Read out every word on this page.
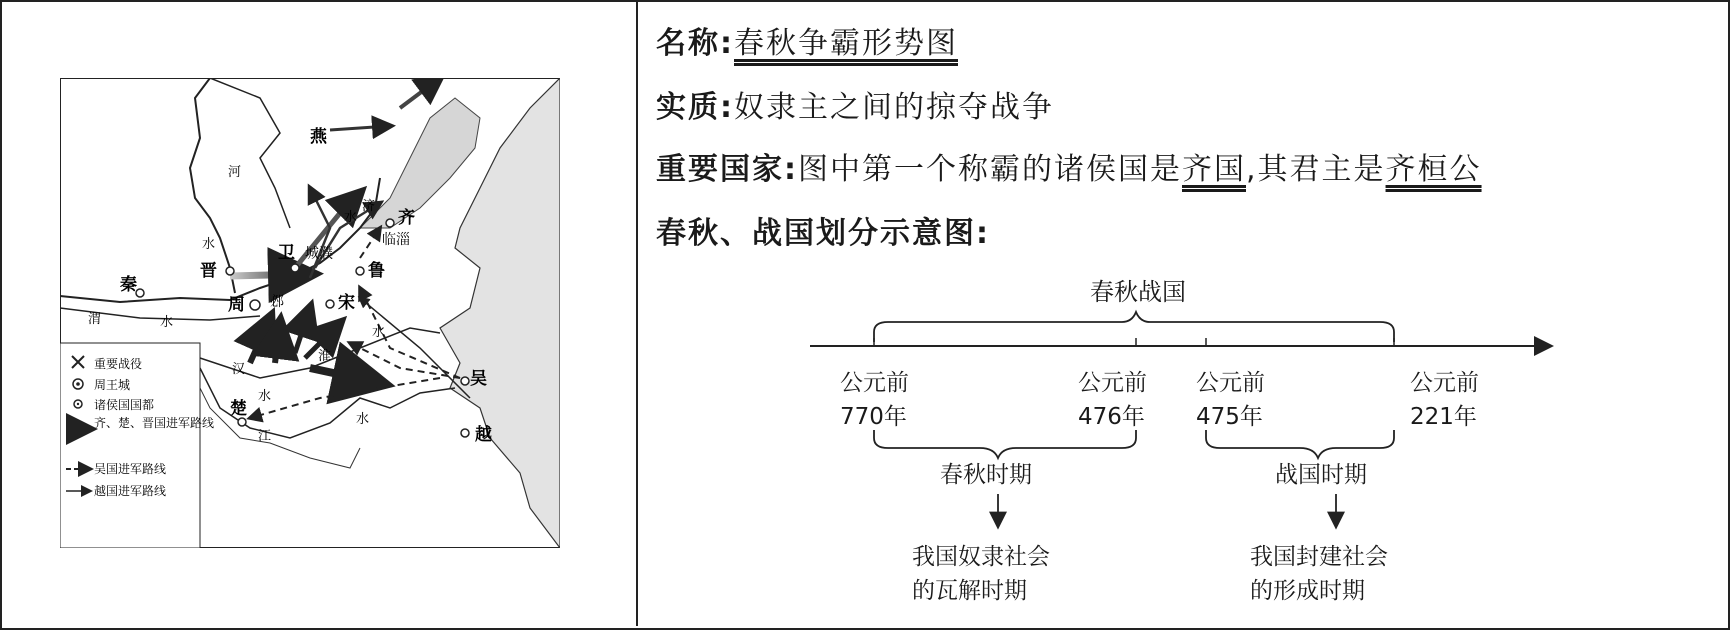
燕
齐
卫
鲁
晋
秦
周	宋
楚
吴
越
临淄
城濮
邲
河
水
济
水
渭	水
淮
水
汉
水
江
水
重要战役
周王城
诸侯国国都
齐、楚、晋国进军路线
吴国进军路线
越国进军路线
名称:春秋争霸形势图
实质:奴隶主之间的掠夺战争
重要国家:图中第一个称霸的诸侯国是齐国,其君主是齐桓公
春秋、战国划分示意图:
春秋战国
公元前
770年
公元前
476年
公元前
475年
公元前
221年
春秋时期	战国时期
我国奴隶社会
的瓦解时期
我国封建社会
的形成时期
